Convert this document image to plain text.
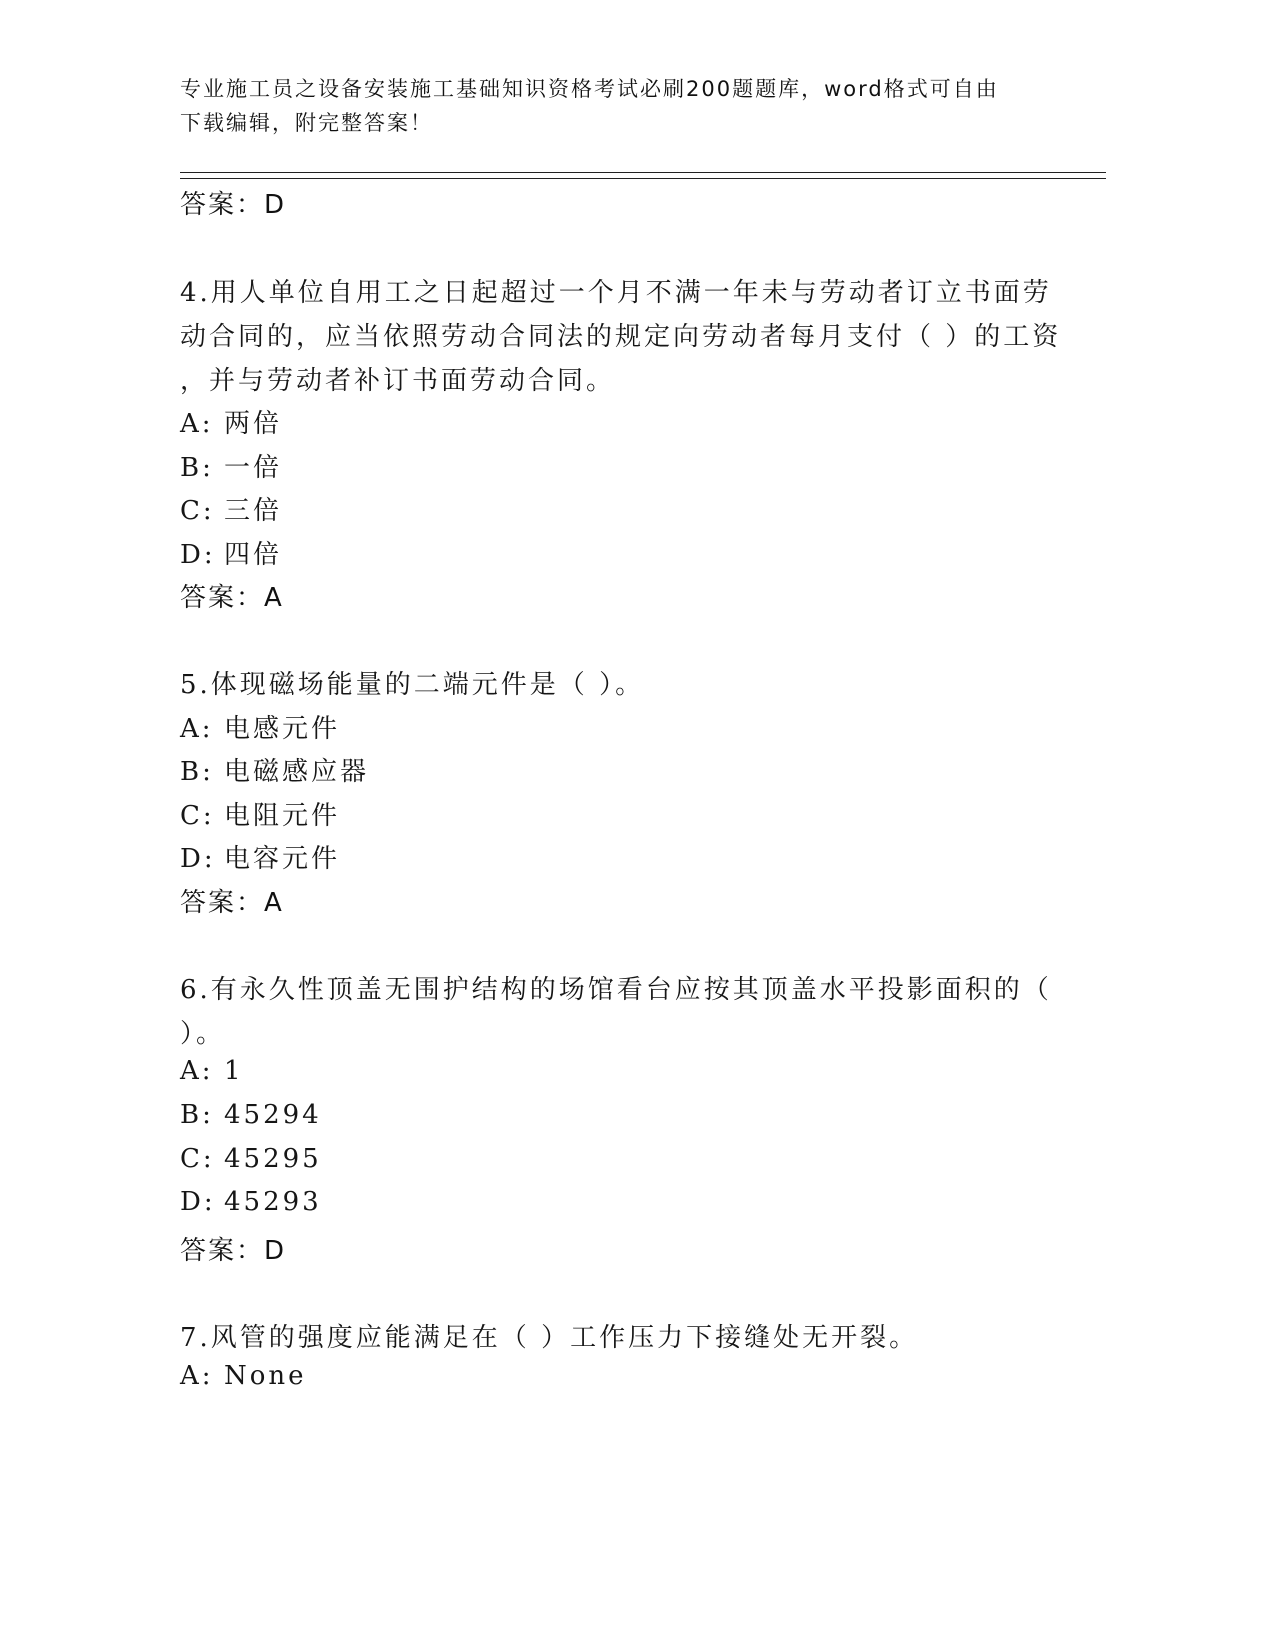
专业施工员之设备安装施工基础知识资格考试必刷200题题库，word格式可自由
下载编辑，附完整答案！
答案：D
4.用人单位自用工之日起超过一个月不满一年未与劳动者订立书面劳
动合同的，应当依照劳动合同法的规定向劳动者每月支付（ ）的工资
，并与劳动者补订书面劳动合同。
A: 两倍
B: 一倍
C: 三倍
D: 四倍
答案：A
5.体现磁场能量的二端元件是（ ）。
A: 电感元件
B: 电磁感应器
C: 电阻元件
D: 电容元件
答案：A
6.有永久性顶盖无围护结构的场馆看台应按其顶盖水平投影面积的（
）。
A: 1
B: 45294
C: 45295
D: 45293
答案：D
7.风管的强度应能满足在（ ）工作压力下接缝处无开裂。
A: None
